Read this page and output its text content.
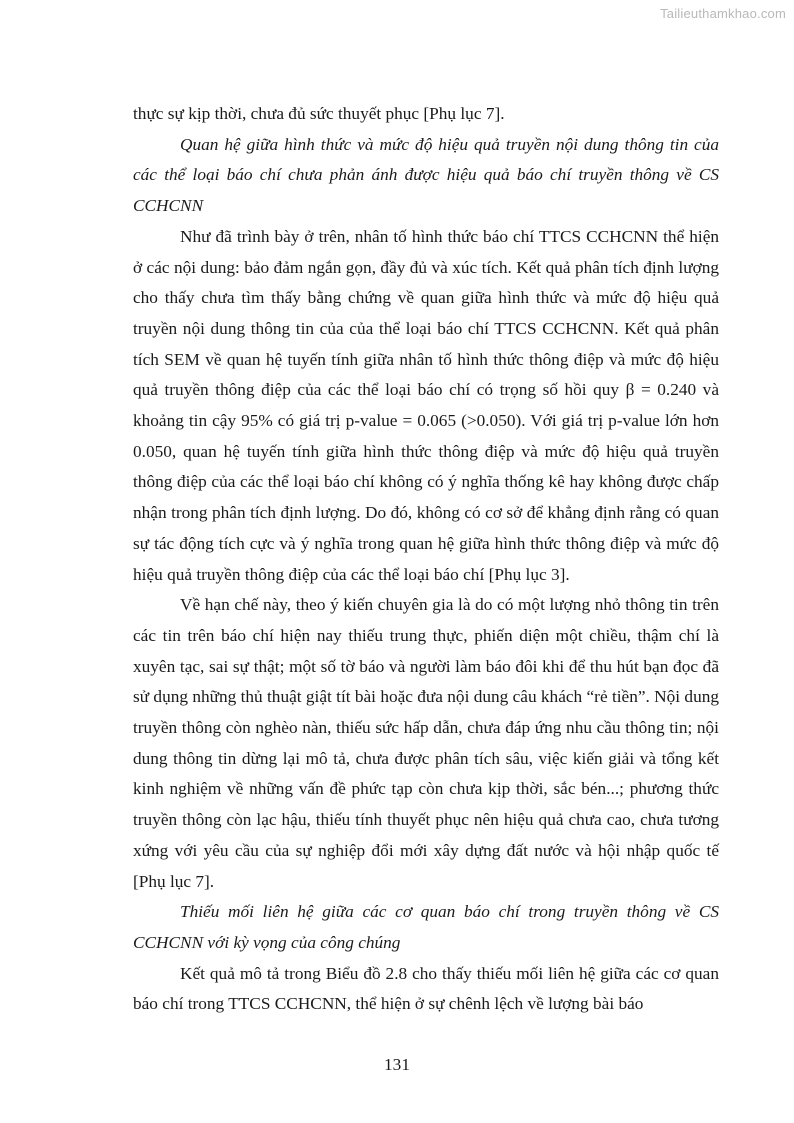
Tailieuthamkhao.com

thực sự kịp thời, chưa đủ sức thuyết phục [Phụ lục 7].

Quan hệ giữa hình thức và mức độ hiệu quả truyền nội dung thông tin của các thể loại báo chí chưa phản ánh được hiệu quả báo chí truyền thông về CS CCHCNN

Như đã trình bày ở trên, nhân tố hình thức báo chí TTCS CCHCNN thể hiện ở các nội dung: bảo đảm ngắn gọn, đầy đủ và xúc tích. Kết quả phân tích định lượng cho thấy chưa tìm thấy bằng chứng về quan giữa hình thức và mức độ hiệu quả truyền nội dung thông tin của của thể loại báo chí TTCS CCHCNN. Kết quả phân tích SEM về quan hệ tuyến tính giữa nhân tố hình thức thông điệp và mức độ hiệu quả truyền thông điệp của các thể loại báo chí có trọng số hồi quy β = 0.240 và khoảng tin cậy 95% có giá trị p-value = 0.065 (>0.050). Với giá trị p-value lớn hơn 0.050, quan hệ tuyến tính giữa hình thức thông điệp và mức độ hiệu quả truyền thông điệp của các thể loại báo chí không có ý nghĩa thống kê hay không được chấp nhận trong phân tích định lượng. Do đó, không có cơ sở để khẳng định rằng có quan sự tác động tích cực và ý nghĩa trong quan hệ giữa hình thức thông điệp và mức độ hiệu quả truyền thông điệp của các thể loại báo chí [Phụ lục 3].

Về hạn chế này, theo ý kiến chuyên gia là do có một lượng nhỏ thông tin trên các tin trên báo chí hiện nay thiếu trung thực, phiến diện một chiều, thậm chí là xuyên tạc, sai sự thật; một số tờ báo và người làm báo đôi khi để thu hút bạn đọc đã sử dụng những thủ thuật giật tít bài hoặc đưa nội dung câu khách “rẻ tiền”. Nội dung truyền thông còn nghèo nàn, thiếu sức hấp dẫn, chưa đáp ứng nhu cầu thông tin; nội dung thông tin dừng lại mô tả, chưa được phân tích sâu, việc kiến giải và tổng kết kinh nghiệm về những vấn đề phức tạp còn chưa kịp thời, sắc bén...; phương thức truyền thông còn lạc hậu, thiếu tính thuyết phục nên hiệu quả chưa cao, chưa tương xứng với yêu cầu của sự nghiệp đổi mới xây dựng đất nước và hội nhập quốc tế [Phụ lục 7].

Thiếu mối liên hệ giữa các cơ quan báo chí trong truyền thông về CS CCHCNN với kỳ vọng của công chúng

Kết quả mô tả trong Biểu đồ 2.8 cho thấy thiếu mối liên hệ giữa các cơ quan báo chí trong TTCS CCHCNN, thể hiện ở sự chênh lệch về lượng bài báo

131
